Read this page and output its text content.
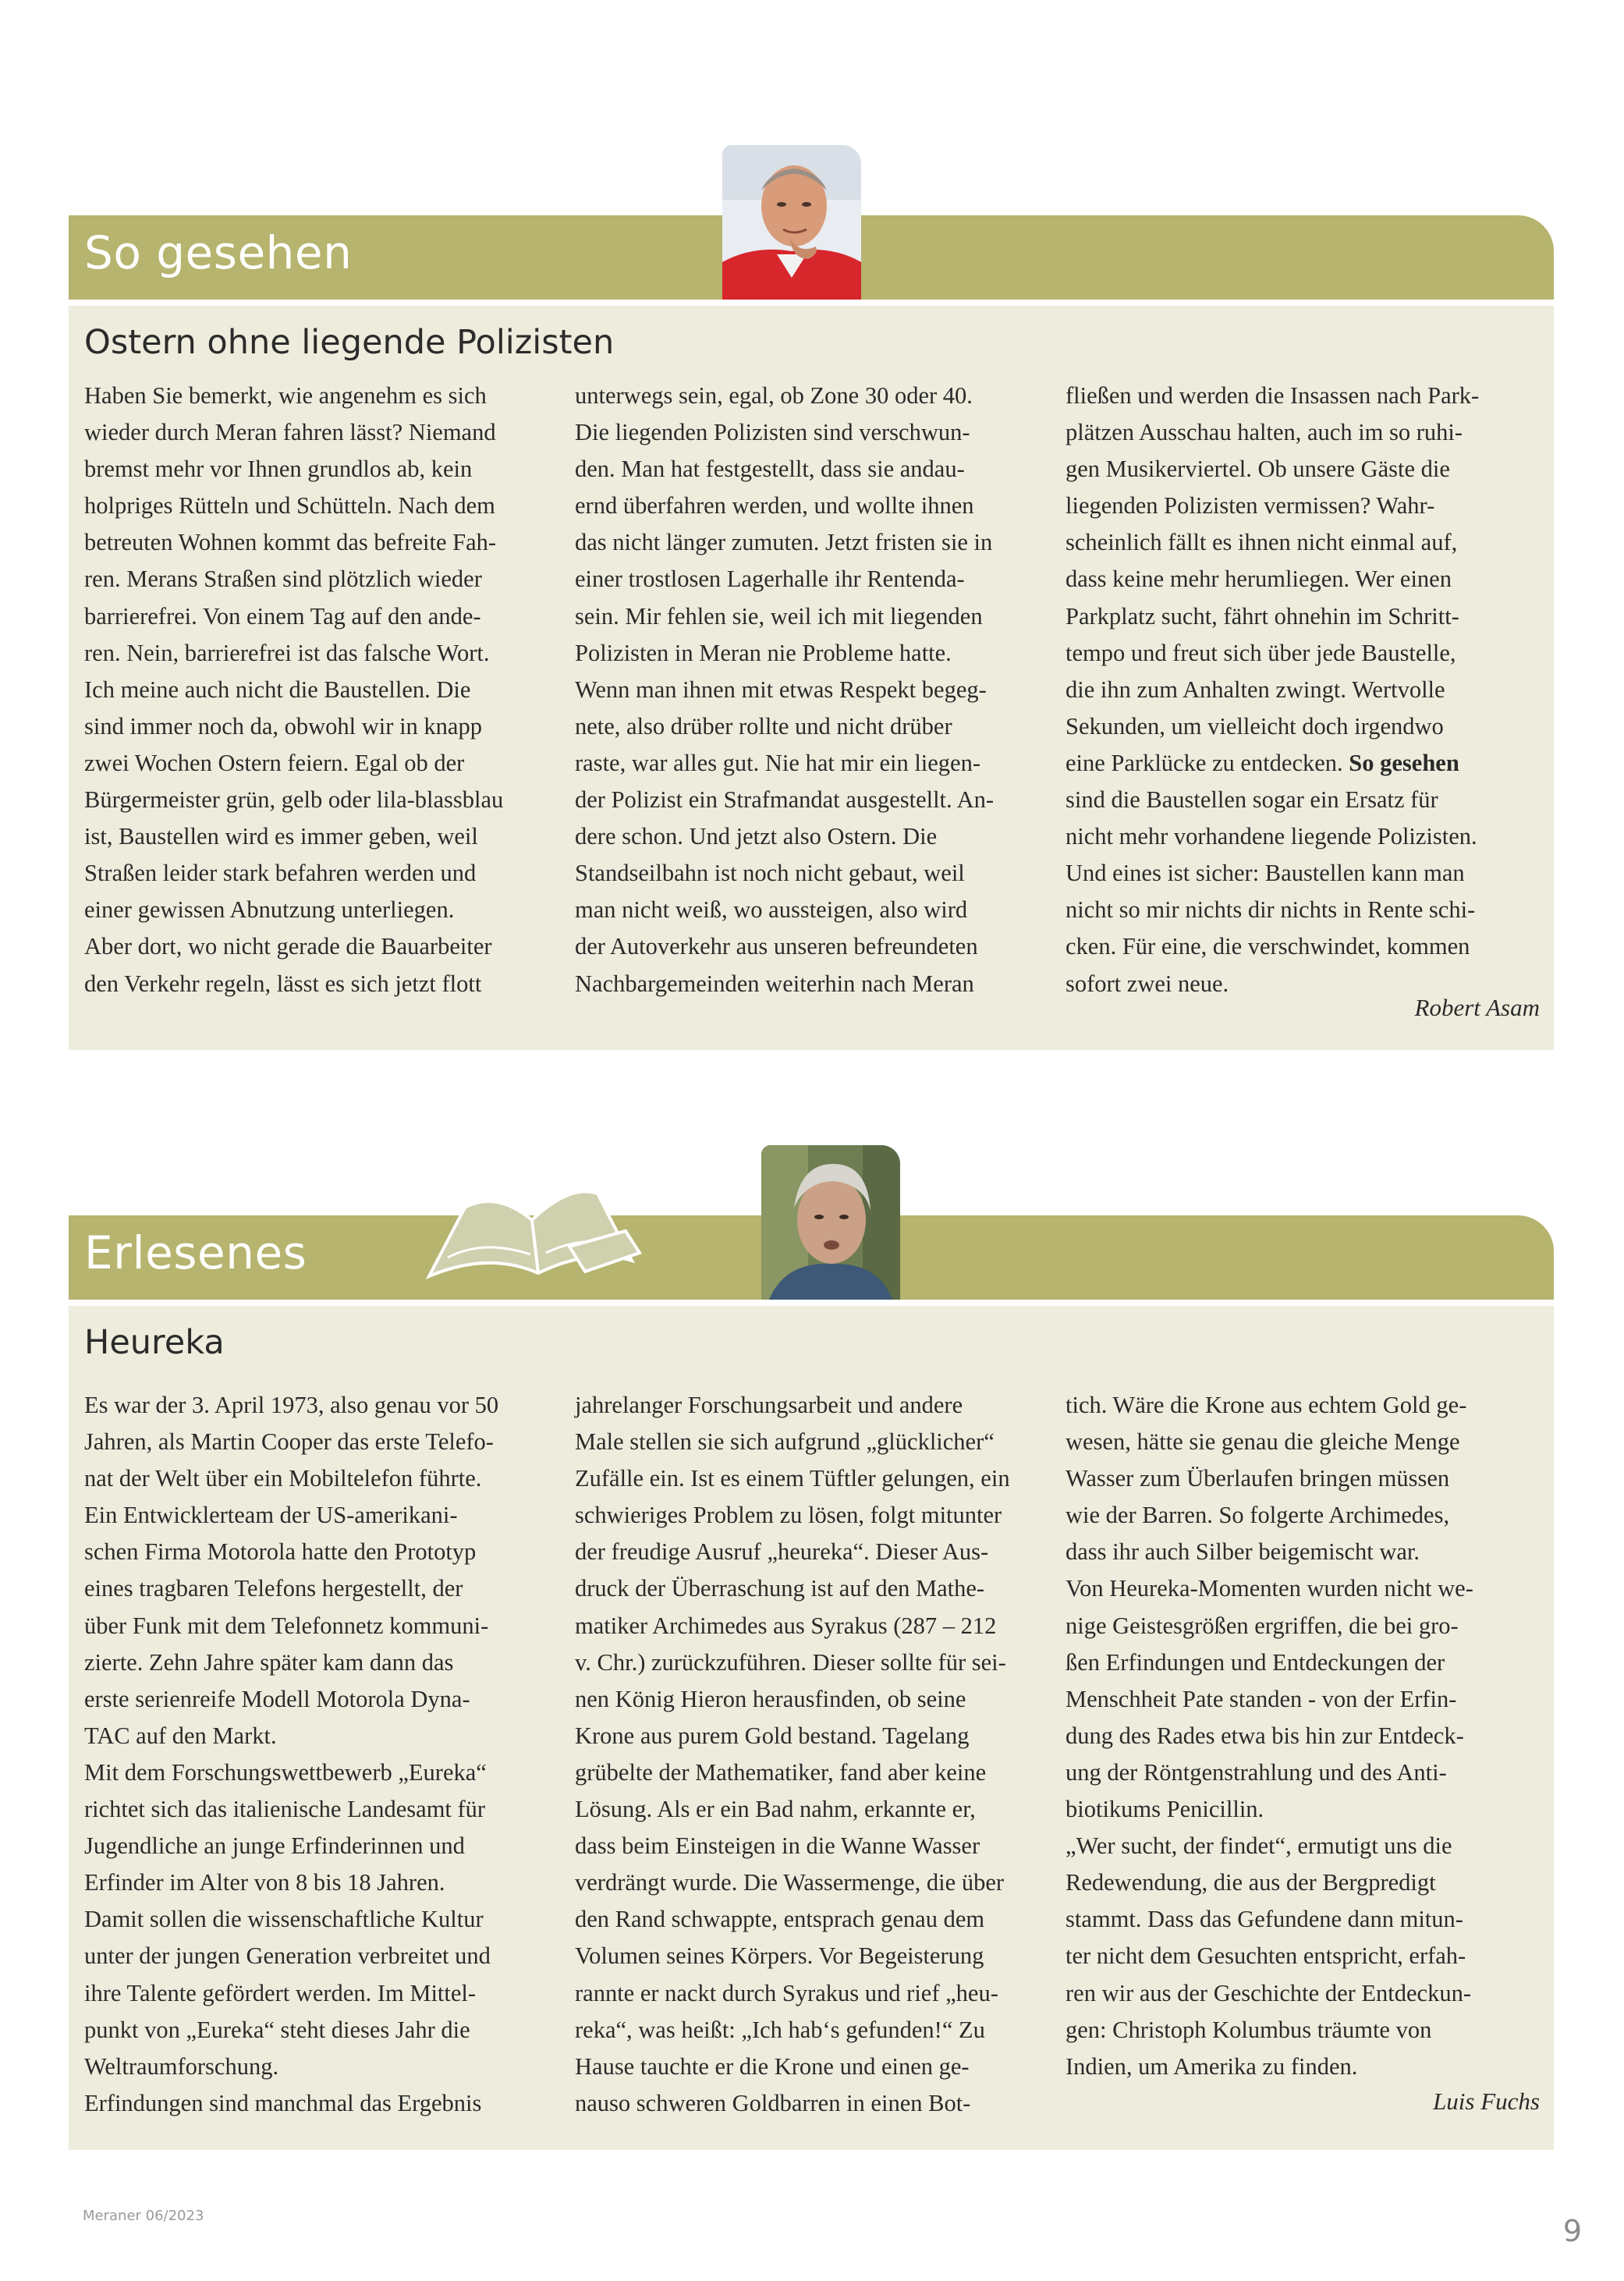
So gesehen
Ostern ohne liegende Polizisten
Haben Sie bemerkt, wie angenehm es sich
wieder durch Meran fahren lässt? Niemand
bremst mehr vor Ihnen grundlos ab, kein
holpriges Rütteln und Schütteln. Nach dem
betreuten Wohnen kommt das befreite Fah-
ren. Merans Straßen sind plötzlich wieder
barrierefrei. Von einem Tag auf den ande-
ren. Nein, barrierefrei ist das falsche Wort.
Ich meine auch nicht die Baustellen. Die
sind immer noch da, obwohl wir in knapp
zwei Wochen Ostern feiern. Egal ob der
Bürgermeister grün, gelb oder lila-blassblau
ist, Baustellen wird es immer geben, weil
Straßen leider stark befahren werden und
einer gewissen Abnutzung unterliegen.
Aber dort, wo nicht gerade die Bauarbeiter
den Verkehr regeln, lässt es sich jetzt flott
unterwegs sein, egal, ob Zone 30 oder 40.
Die liegenden Polizisten sind verschwun-
den. Man hat festgestellt, dass sie andau-
ernd überfahren werden, und wollte ihnen
das nicht länger zumuten. Jetzt fristen sie in
einer trostlosen Lagerhalle ihr Rentenda-
sein. Mir fehlen sie, weil ich mit liegenden
Polizisten in Meran nie Probleme hatte.
Wenn man ihnen mit etwas Respekt begeg-
nete, also drüber rollte und nicht drüber
raste, war alles gut. Nie hat mir ein liegen-
der Polizist ein Strafmandat ausgestellt. An-
dere schon. Und jetzt also Ostern. Die
Standseilbahn ist noch nicht gebaut, weil
man nicht weiß, wo aussteigen, also wird
der Autoverkehr aus unseren befreundeten
Nachbargemeinden weiterhin nach Meran
fließen und werden die Insassen nach Park-
plätzen Ausschau halten, auch im so ruhi-
gen Musikerviertel. Ob unsere Gäste die
liegenden Polizisten vermissen? Wahr-
scheinlich fällt es ihnen nicht einmal auf,
dass keine mehr herumliegen. Wer einen
Parkplatz sucht, fährt ohnehin im Schritt-
tempo und freut sich über jede Baustelle,
die ihn zum Anhalten zwingt. Wertvolle
Sekunden, um vielleicht doch irgendwo
eine Parklücke zu entdecken. So gesehen
sind die Baustellen sogar ein Ersatz für
nicht mehr vorhandene liegende Polizisten.
Und eines ist sicher: Baustellen kann man
nicht so mir nichts dir nichts in Rente schi-
cken. Für eine, die verschwindet, kommen
sofort zwei neue.
Robert Asam
Erlesenes
Heureka
Es war der 3. April 1973, also genau vor 50
Jahren, als Martin Cooper das erste Telefo-
nat der Welt über ein Mobiltelefon führte.
Ein Entwicklerteam der US-amerikani-
schen Firma Motorola hatte den Prototyp
eines tragbaren Telefons hergestellt, der
über Funk mit dem Telefonnetz kommuni-
zierte. Zehn Jahre später kam dann das
erste serienreife Modell Motorola Dyna-
TAC auf den Markt.
Mit dem Forschungswettbewerb „Eureka“
richtet sich das italienische Landesamt für
Jugendliche an junge Erfinderinnen und
Erfinder im Alter von 8 bis 18 Jahren.
Damit sollen die wissenschaftliche Kultur
unter der jungen Generation verbreitet und
ihre Talente gefördert werden. Im Mittel-
punkt von „Eureka“ steht dieses Jahr die
Weltraumforschung.
Erfindungen sind manchmal das Ergebnis
jahrelanger Forschungsarbeit und andere
Male stellen sie sich aufgrund „glücklicher“
Zufälle ein. Ist es einem Tüftler gelungen, ein
schwieriges Problem zu lösen, folgt mitunter
der freudige Ausruf „heureka“. Dieser Aus-
druck der Überraschung ist auf den Mathe-
matiker Archimedes aus Syrakus (287 – 212
v. Chr.) zurückzuführen. Dieser sollte für sei-
nen König Hieron herausfinden, ob seine
Krone aus purem Gold bestand. Tagelang
grübelte der Mathematiker, fand aber keine
Lösung. Als er ein Bad nahm, erkannte er,
dass beim Einsteigen in die Wanne Wasser
verdrängt wurde. Die Wassermenge, die über
den Rand schwappte, entsprach genau dem
Volumen seines Körpers. Vor Begeisterung
rannte er nackt durch Syrakus und rief „heu-
reka“, was heißt: „Ich hab‘s gefunden!“ Zu
Hause tauchte er die Krone und einen ge-
nauso schweren Goldbarren in einen Bot-
tich. Wäre die Krone aus echtem Gold ge-
wesen, hätte sie genau die gleiche Menge
Wasser zum Überlaufen bringen müssen
wie der Barren. So folgerte Archimedes,
dass ihr auch Silber beigemischt war.
Von Heureka-Momenten wurden nicht we-
nige Geistesgrößen ergriffen, die bei gro-
ßen Erfindungen und Entdeckungen der
Menschheit Pate standen - von der Erfin-
dung des Rades etwa bis hin zur Entdeck-
ung der Röntgenstrahlung und des Anti-
biotikums Penicillin.
„Wer sucht, der findet“, ermutigt uns die
Redewendung, die aus der Bergpredigt
stammt. Dass das Gefundene dann mitun-
ter nicht dem Gesuchten entspricht, erfah-
ren wir aus der Geschichte der Entdeckun-
gen: Christoph Kolumbus träumte von
Indien, um Amerika zu finden.
Luis Fuchs
Meraner 06/2023	9
